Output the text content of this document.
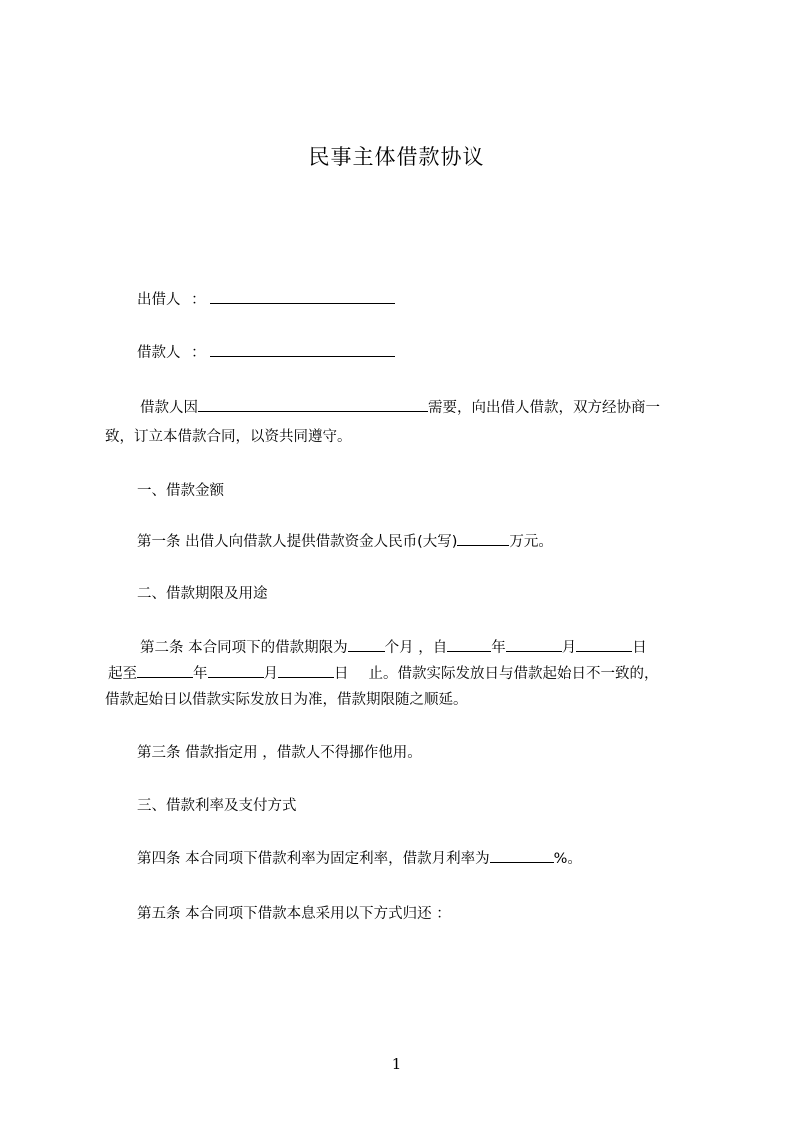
民事主体借款协议
出借人 ：
借款人 ：
借款人因	需要，向出借人借款，双方经协商一
致，订立本借款合同，以资共同遵守。
一、借款金额
第一条 出借人向借款人提供借款资金人民币(大写)	万元。
二、借款期限及用途
第二条 本合同项下的借款期限为	个月 ，自	年	月	日
起至	年	月	日 止。借款实际发放日与借款起始日不一致的，
借款起始日以借款实际发放日为准，借款期限随之顺延。
第三条 借款指定用 ，借款人不得挪作他用。
三、借款利率及支付方式
第四条 本合同项下借款利率为固定利率，借款月利率为	%。
第五条 本合同项下借款本息采用以下方式归还 ：
1
